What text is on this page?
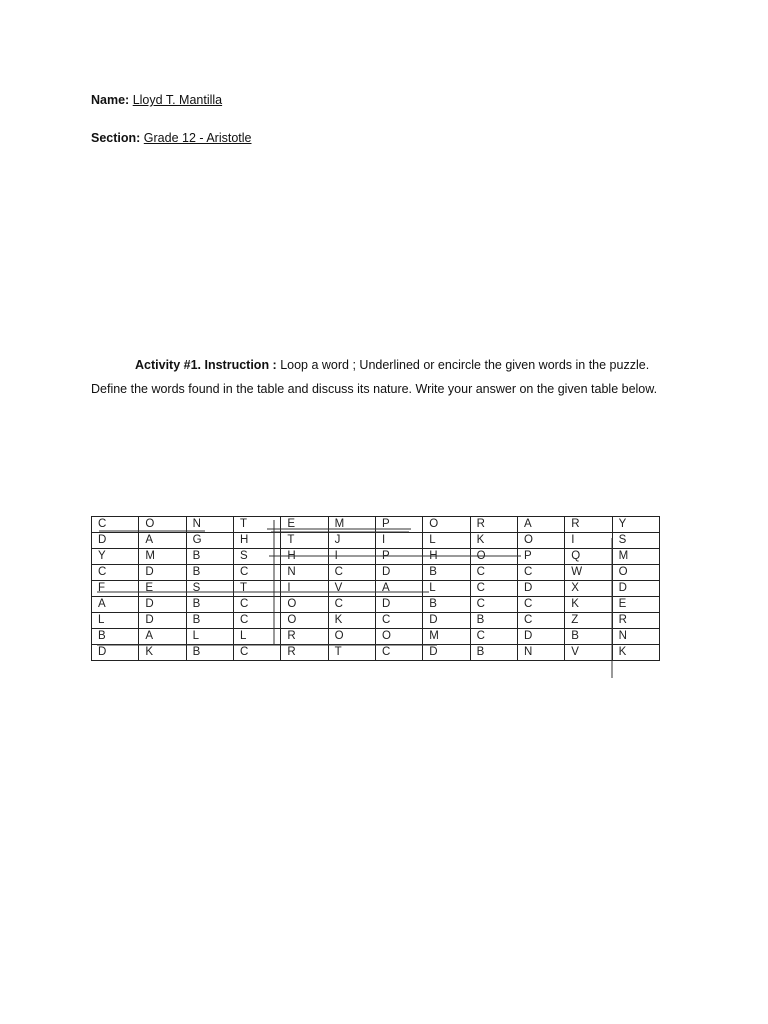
Name: Lloyd T. Mantilla
Section: Grade 12 - Aristotle
Activity #1. Instruction : Loop a word ; Underlined or encircle the given words in the puzzle. Define the words found in the table and discuss its nature. Write your answer on the given table below.
C	O	N	T	E	M	P	O	R	A	R	Y
D	A	G	H	T	J	I	L	K	O	I	S
Y	M	B	S	H	I	P	H	O	P	Q	M
C	D	B	C	N	C	D	B	C	C	W	O
F	E	S	T	I	V	A	L	C	D	X	D
A	D	B	C	O	C	D	B	C	C	K	E
L	D	B	C	O	K	C	D	B	C	Z	R
B	A	L	L	R	O	O	M	C	D	B	N
D	K	B	C	R	T	C	D	B	N	V	K
